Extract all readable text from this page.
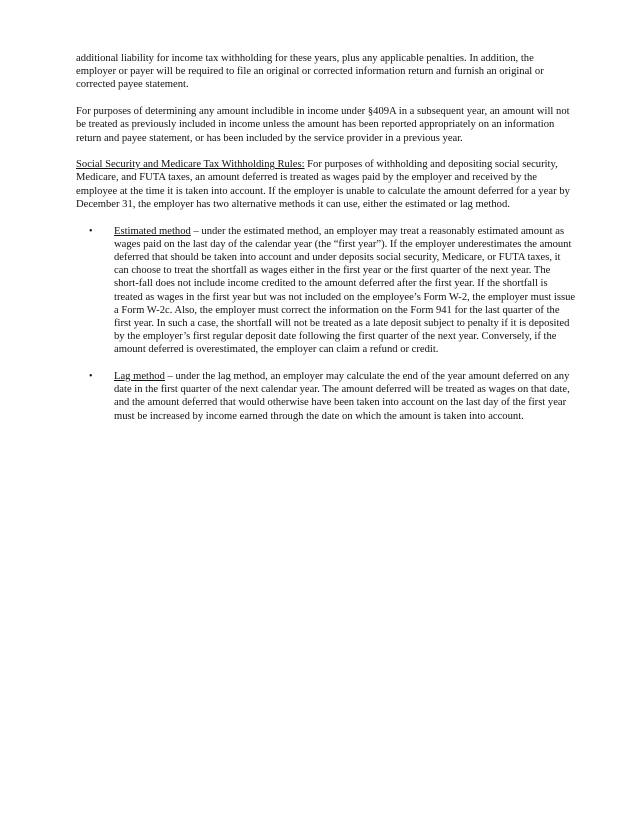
additional liability for income tax withholding for these years, plus any applicable penalties. In addition, the employer or payer will be required to file an original or corrected information return and furnish an original or corrected payee statement.

For purposes of determining any amount includible in income under §409A in a subsequent year, an amount will not be treated as previously included in income unless the amount has been reported appropriately on an information return and payee statement, or has been included by the service provider in a previous year.

Social Security and Medicare Tax Withholding Rules: For purposes of withholding and depositing social security, Medicare, and FUTA taxes, an amount deferred is treated as wages paid by the employer and received by the employee at the time it is taken into account. If the employer is unable to calculate the amount deferred for a year by December 31, the employer has two alternative methods it can use, either the estimated or lag method.

• Estimated method – under the estimated method, an employer may treat a reasonably estimated amount as wages paid on the last day of the calendar year (the “first year”). If the employer underestimates the amount deferred that should be taken into account and under deposits social security, Medicare, or FUTA taxes, it can choose to treat the shortfall as wages either in the first year or the first quarter of the next year. The short-fall does not include income credited to the amount deferred after the first year. If the shortfall is treated as wages in the first year but was not included on the employee’s Form W-2, the employer must issue a Form W-2c. Also, the employer must correct the information on the Form 941 for the last quarter of the first year. In such a case, the shortfall will not be treated as a late deposit subject to penalty if it is deposited by the employer’s first regular deposit date following the first quarter of the next year. Conversely, if the amount deferred is overestimated, the employer can claim a refund or credit.
• Lag method – under the lag method, an employer may calculate the end of the year amount deferred on any date in the first quarter of the next calendar year. The amount deferred will be treated as wages on that date, and the amount deferred that would otherwise have been taken into account on the last day of the first year must be increased by income earned through the date on which the amount is taken into account.
